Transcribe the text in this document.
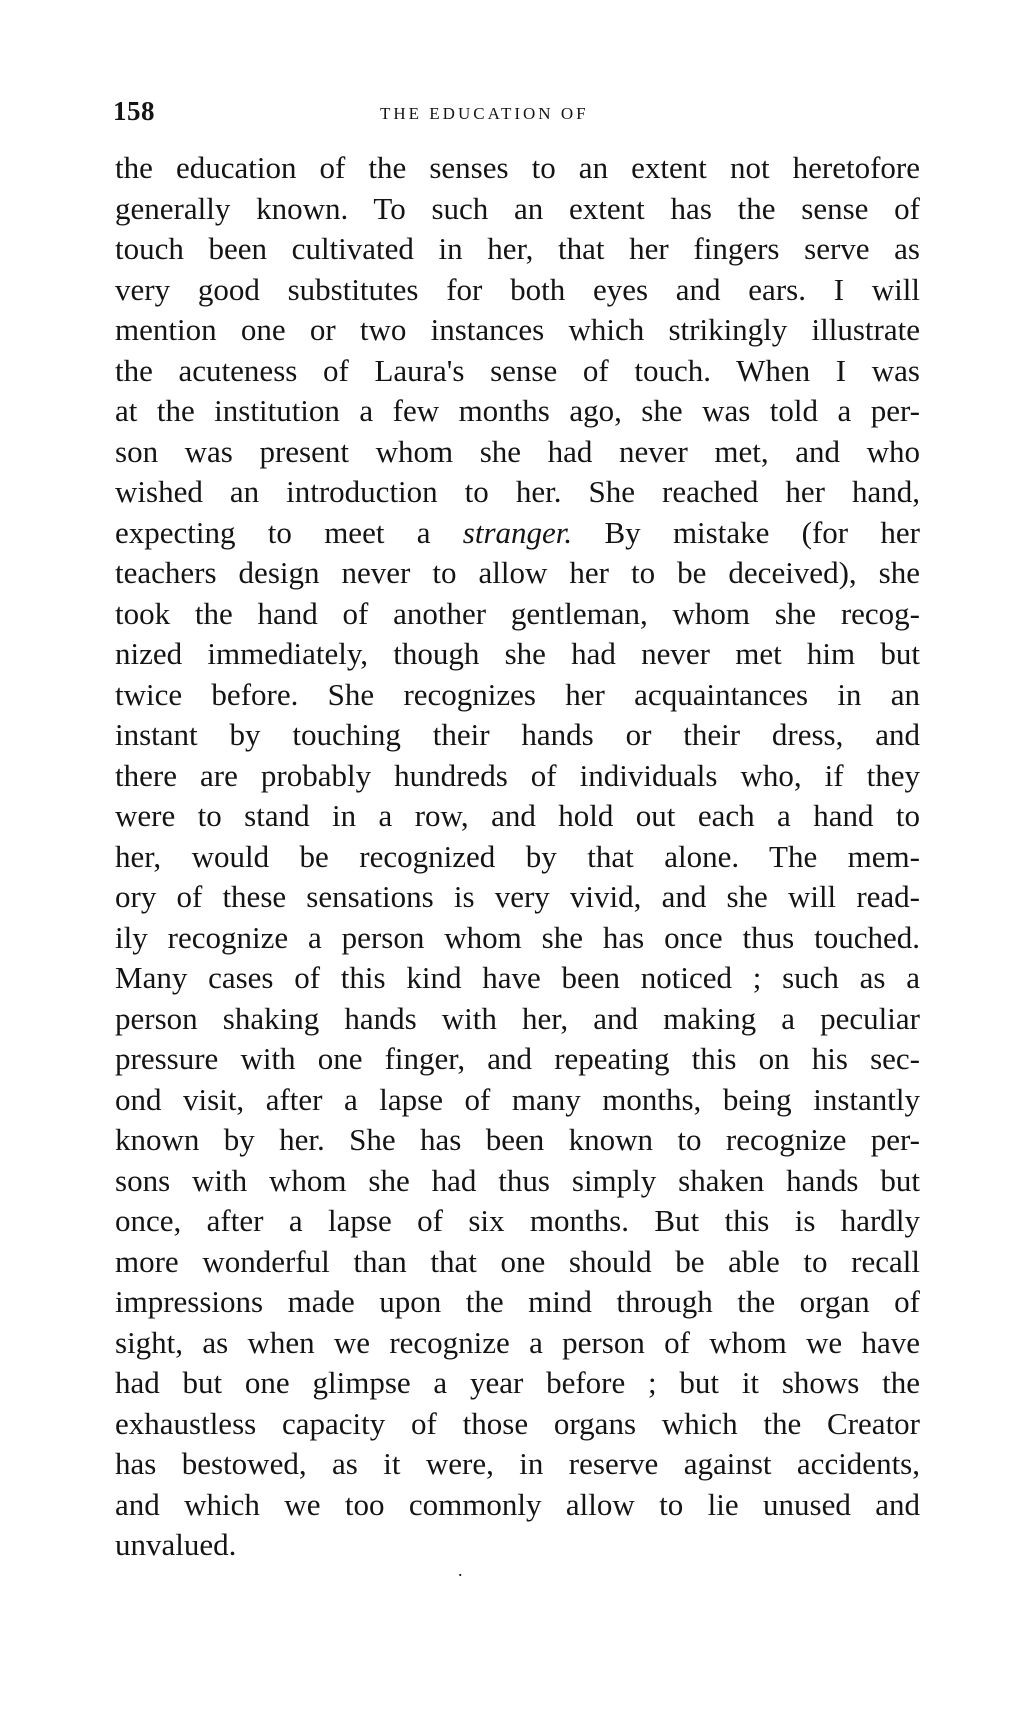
158	THE EDUCATION OF
the education of the senses to an extent not heretofore
generally known. To such an extent has the sense of
touch been cultivated in her, that her fingers serve as
very good substitutes for both eyes and ears. I will
mention one or two instances which strikingly illustrate
the acuteness of Laura's sense of touch. When I was
at the institution a few months ago, she was told a per-
son was present whom she had never met, and who
wished an introduction to her. She reached her hand,
expecting to meet a stranger. By mistake (for her
teachers design never to allow her to be deceived), she
took the hand of another gentleman, whom she recog-
nized immediately, though she had never met him but
twice before. She recognizes her acquaintances in an
instant by touching their hands or their dress, and
there are probably hundreds of individuals who, if they
were to stand in a row, and hold out each a hand to
her, would be recognized by that alone. The mem-
ory of these sensations is very vivid, and she will read-
ily recognize a person whom she has once thus touched.
Many cases of this kind have been noticed ; such as a
person shaking hands with her, and making a peculiar
pressure with one finger, and repeating this on his sec-
ond visit, after a lapse of many months, being instantly
known by her. She has been known to recognize per-
sons with whom she had thus simply shaken hands but
once, after a lapse of six months. But this is hardly
more wonderful than that one should be able to recall
impressions made upon the mind through the organ of
sight, as when we recognize a person of whom we have
had but one glimpse a year before ; but it shows the
exhaustless capacity of those organs which the Creator
has bestowed, as it were, in reserve against accidents,
and which we too commonly allow to lie unused and
unvalued.
.
